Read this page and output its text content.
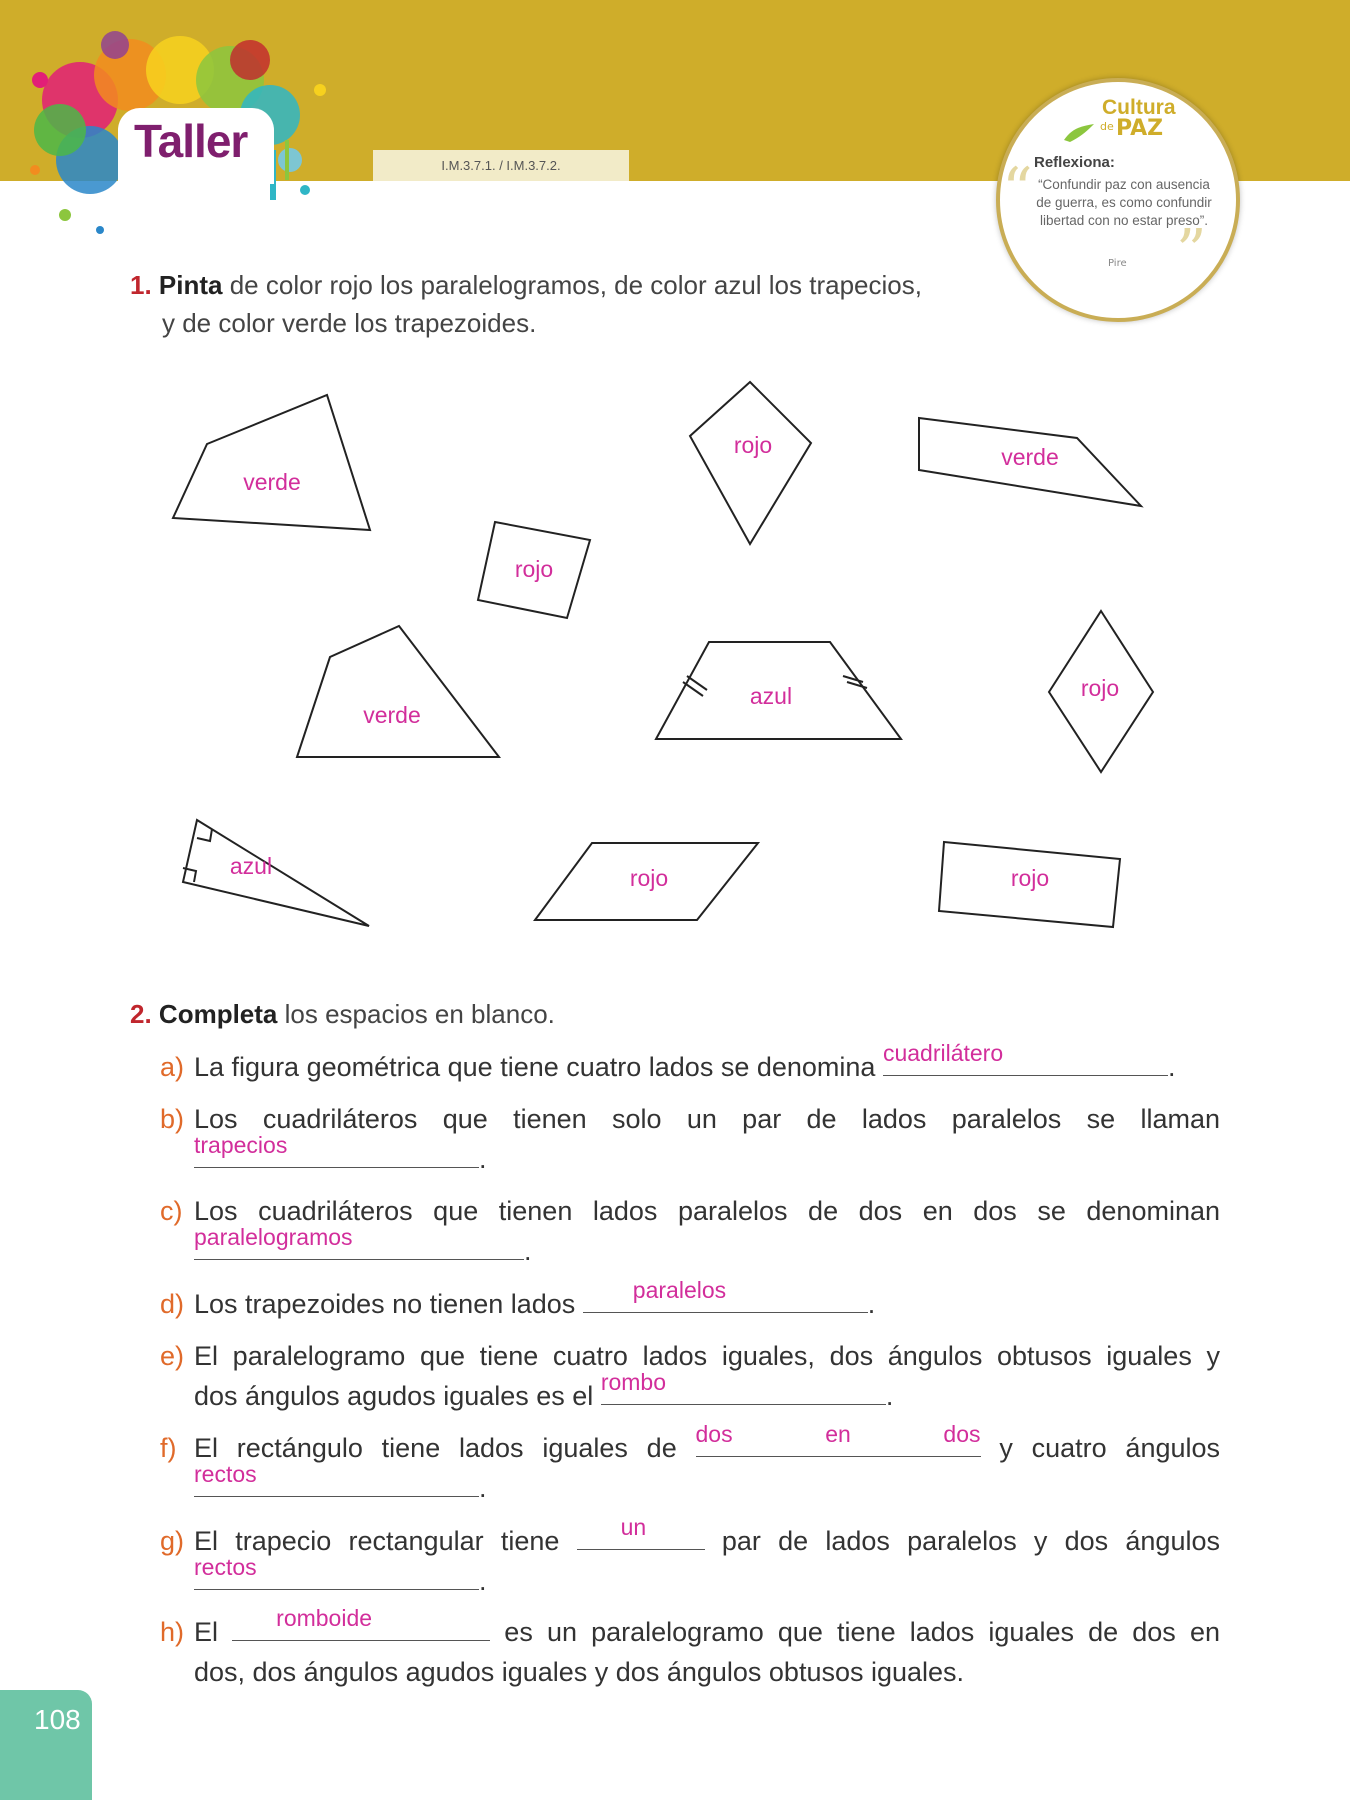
Taller	I.M.3.7.1. / I.M.3.7.2.
Cultura
de PAZ
“ Reflexiona:
“Confundir paz con ausencia de guerra, es como confundir libertad con no estar preso”.
Pire ”
1. Pinta de color rojo los paralelogramos, de color azul los trapecios,
y de color verde los trapezoides.
verde
rojo	verde
rojo
verde
azul	rojo
azul	rojo	rojo
2. Completa los espacios en blanco.
a) La figura geométrica que tiene cuatro lados se denomina cuadrilátero	.
b) Los cuadriláteros que tienen solo un par de lados paralelos se llaman
trapecios	.
c) Los cuadriláteros que tienen lados paralelos de dos en dos se denominan
paralelogramos	.
d) Los trapezoides no tienen lados	paralelos	.
e) El paralelogramo que tiene cuatro lados iguales, dos ángulos obtusos iguales y
dos ángulos agudos iguales es el rombo	.
f) El rectángulo tiene lados iguales de dos en dos y cuatro ángulos
rectos	.
g) El trapecio rectangular tiene	un	par de lados paralelos y dos ángulos
rectos	.
h) El	romboide	es un paralelogramo que tiene lados iguales de dos en
dos, dos ángulos agudos iguales y dos ángulos obtusos iguales.
108
